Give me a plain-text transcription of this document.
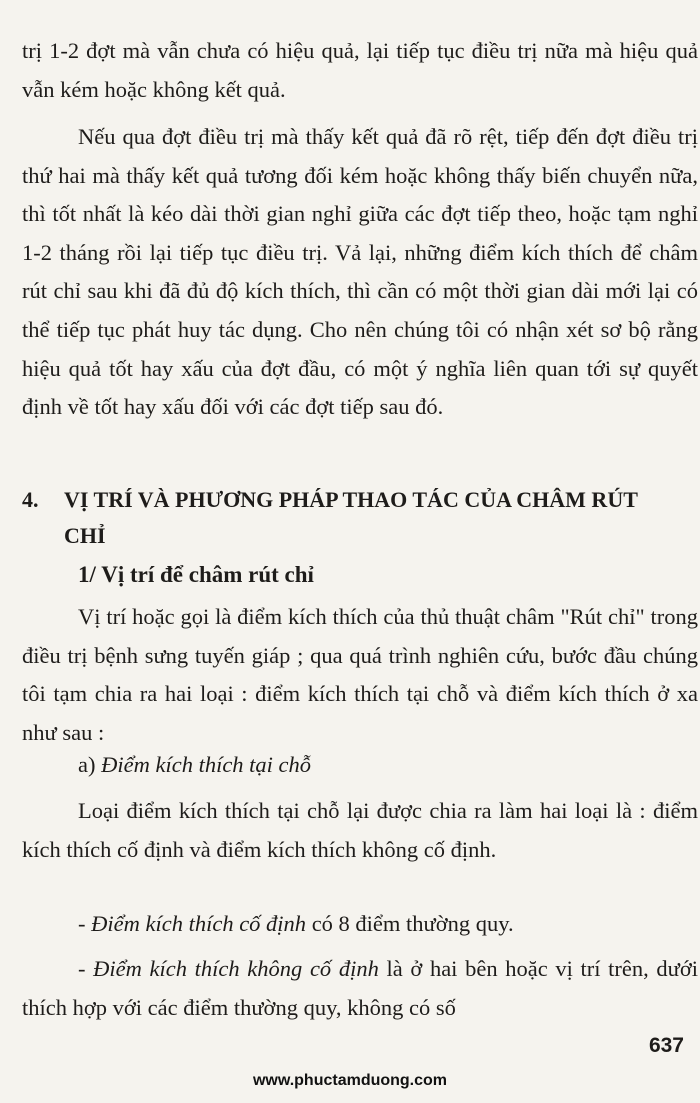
trị 1-2 đợt mà vẫn chưa có hiệu quả, lại tiếp tục điều trị nữa mà hiệu quả vẫn kém hoặc không kết quả.

Nếu qua đợt điều trị mà thấy kết quả đã rõ rệt, tiếp đến đợt điều trị thứ hai mà thấy kết quả tương đối kém hoặc không thấy biến chuyển nữa, thì tốt nhất là kéo dài thời gian nghỉ giữa các đợt tiếp theo, hoặc tạm nghỉ 1-2 tháng rồi lại tiếp tục điều trị. Vả lại, những điểm kích thích để châm rút chỉ sau khi đã đủ độ kích thích, thì cần có một thời gian dài mới lại có thể tiếp tục phát huy tác dụng. Cho nên chúng tôi có nhận xét sơ bộ rằng hiệu quả tốt hay xấu của đợt đầu, có một ý nghĩa liên quan tới sự quyết định về tốt hay xấu đối với các đợt tiếp sau đó.

4. VỊ TRÍ VÀ PHƯƠNG PHÁP THAO TÁC CỦA CHÂM RÚT
CHỈ
1/ Vị trí để châm rút chỉ

Vị trí hoặc gọi là điểm kích thích của thủ thuật châm "Rút chỉ" trong điều trị bệnh sưng tuyến giáp ; qua quá trình nghiên cứu, bước đầu chúng tôi tạm chia ra hai loại : điểm kích thích tại chỗ và điểm kích thích ở xa như sau :

a) Điểm kích thích tại chỗ

Loại điểm kích thích tại chỗ lại được chia ra làm hai loại là : điểm kích thích cố định và điểm kích thích không cố định.

- Điểm kích thích cố định có 8 điểm thường quy.

- Điểm kích thích không cố định là ở hai bên hoặc vị trí trên, dưới thích hợp với các điểm thường quy, không có số

637
www.phuctamduong.com
